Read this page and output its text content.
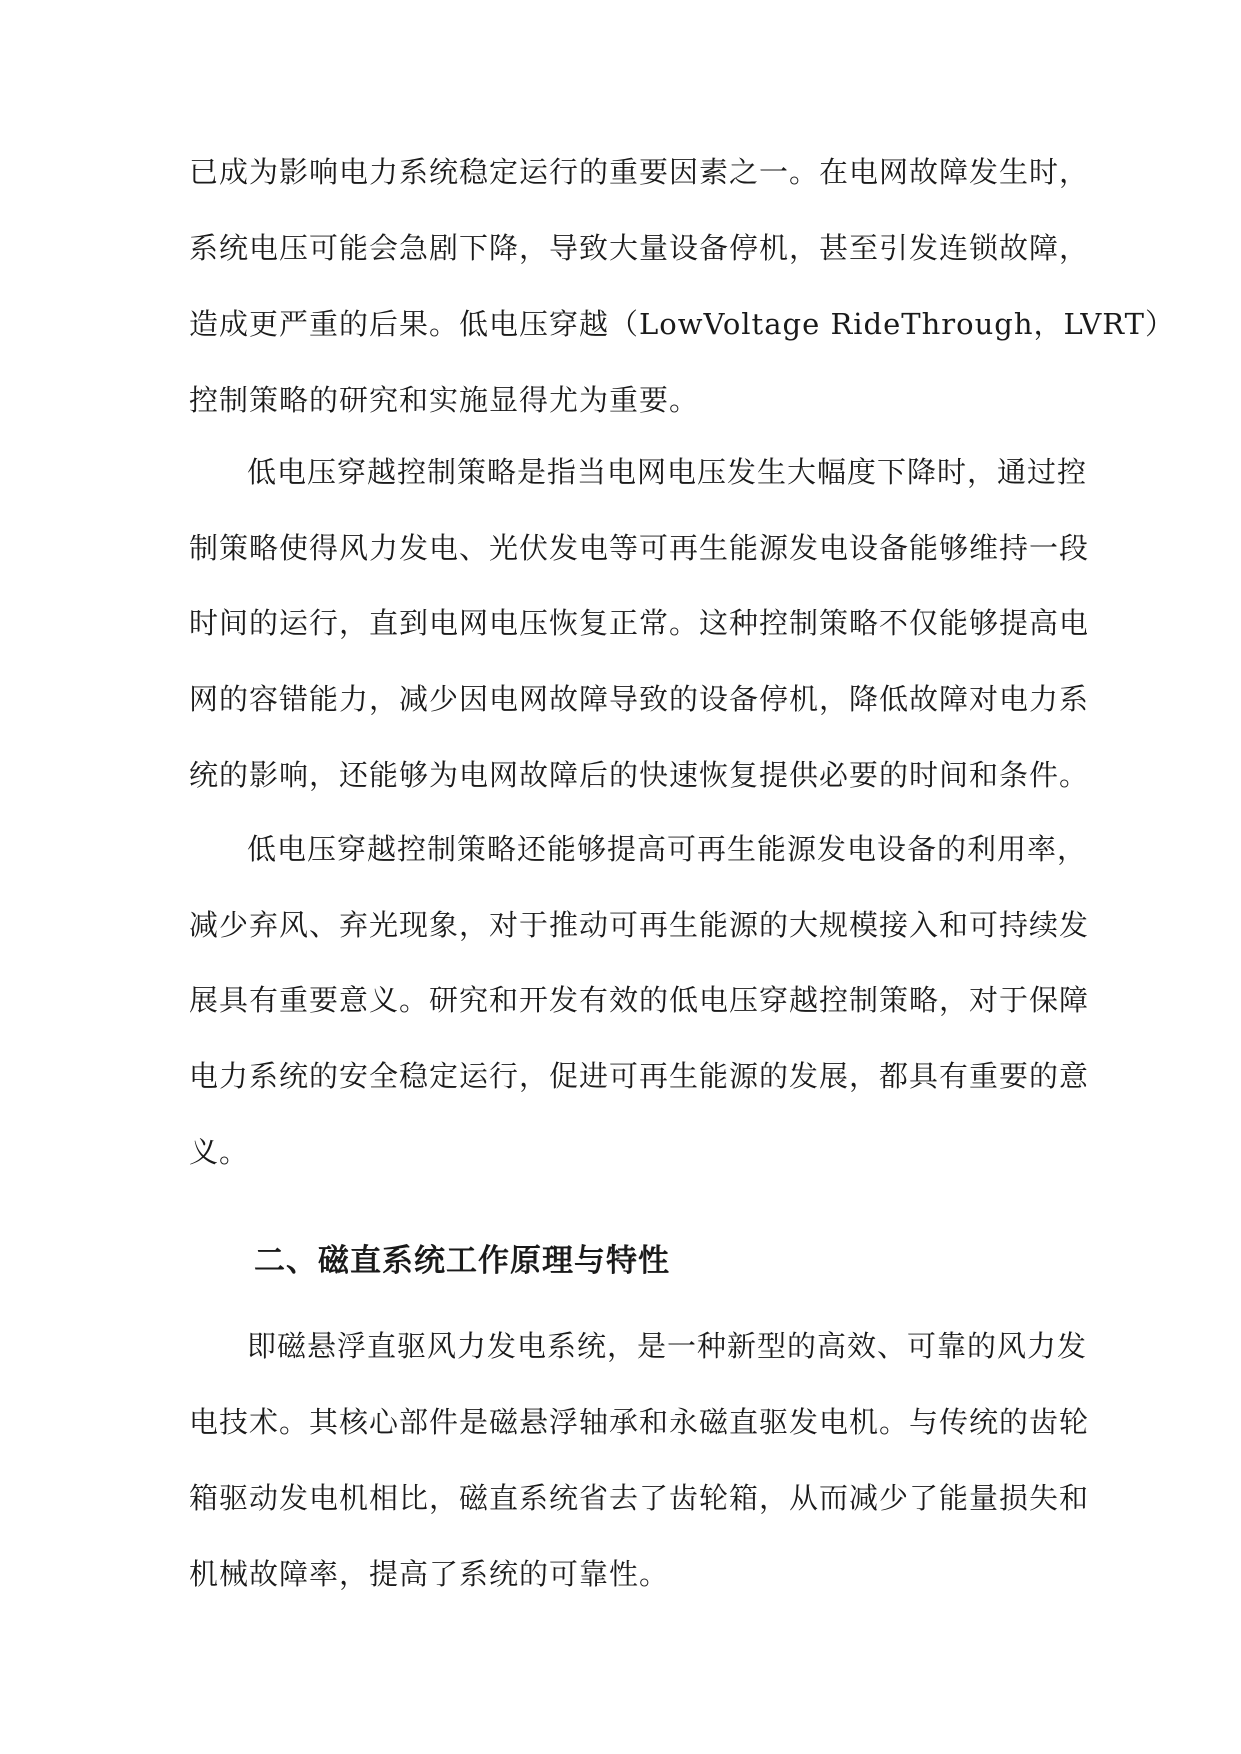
已成为影响电力系统稳定运行的重要因素之一。在电网故障发生时，
系统电压可能会急剧下降，导致大量设备停机，甚至引发连锁故障，
造成更严重的后果。低电压穿越（LowVoltage RideThrough，LVRT）
控制策略的研究和实施显得尤为重要。
低电压穿越控制策略是指当电网电压发生大幅度下降时，通过控
制策略使得风力发电、光伏发电等可再生能源发电设备能够维持一段
时间的运行，直到电网电压恢复正常。这种控制策略不仅能够提高电
网的容错能力，减少因电网故障导致的设备停机，降低故障对电力系
统的影响，还能够为电网故障后的快速恢复提供必要的时间和条件。
低电压穿越控制策略还能够提高可再生能源发电设备的利用率，
减少弃风、弃光现象，对于推动可再生能源的大规模接入和可持续发
展具有重要意义。研究和开发有效的低电压穿越控制策略，对于保障
电力系统的安全稳定运行，促进可再生能源的发展，都具有重要的意
义。
二、磁直系统工作原理与特性
即磁悬浮直驱风力发电系统，是一种新型的高效、可靠的风力发
电技术。其核心部件是磁悬浮轴承和永磁直驱发电机。与传统的齿轮
箱驱动发电机相比，磁直系统省去了齿轮箱，从而减少了能量损失和
机械故障率，提高了系统的可靠性。
